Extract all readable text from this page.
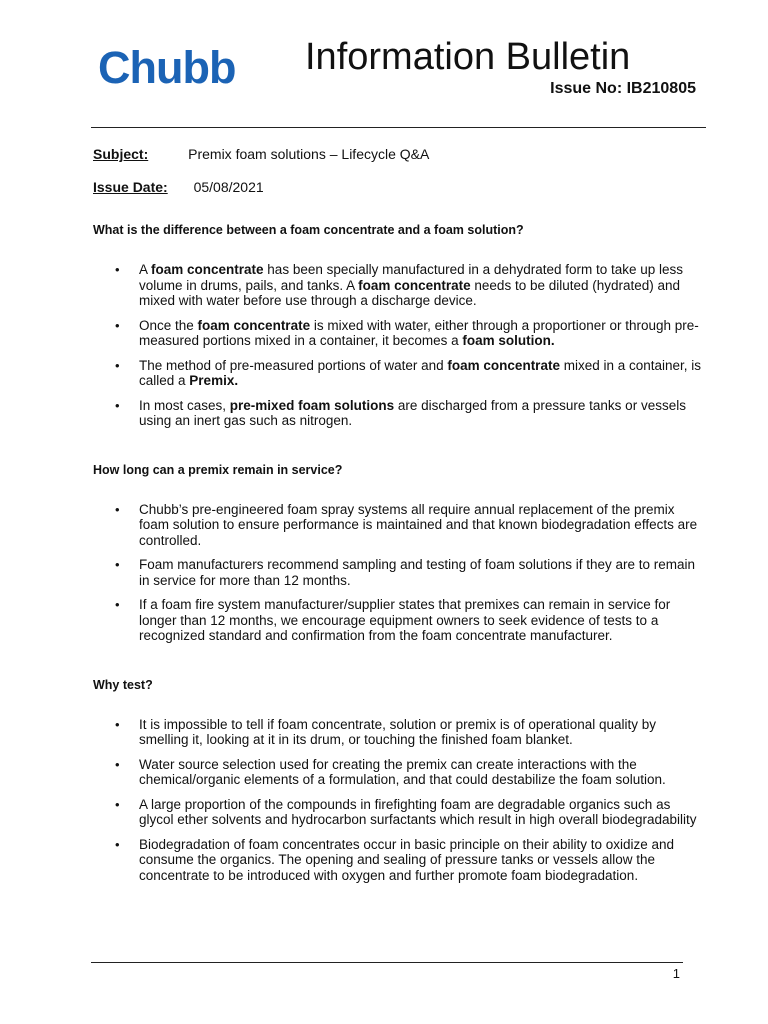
Chubb Information Bulletin
Issue No: IB210805
Subject:	Premix foam solutions – Lifecycle Q&A
Issue Date: 05/08/2021
What is the difference between a foam concentrate and a foam solution?
• A foam concentrate has been specially manufactured in a dehydrated form to take up less volume in drums, pails, and tanks. A foam concentrate needs to be diluted (hydrated) and mixed with water before use through a discharge device.
• Once the foam concentrate is mixed with water, either through a proportioner or through pre-measured portions mixed in a container, it becomes a foam solution.
• The method of pre-measured portions of water and foam concentrate mixed in a container, is called a Premix.
• In most cases, pre-mixed foam solutions are discharged from a pressure tanks or vessels using an inert gas such as nitrogen.
How long can a premix remain in service?
• Chubb’s pre-engineered foam spray systems all require annual replacement of the premix foam solution to ensure performance is maintained and that known biodegradation effects are controlled.
• Foam manufacturers recommend sampling and testing of foam solutions if they are to remain in service for more than 12 months.
• If a foam fire system manufacturer/supplier states that premixes can remain in service for longer than 12 months, we encourage equipment owners to seek evidence of tests to a recognized standard and confirmation from the foam concentrate manufacturer.
Why test?
• It is impossible to tell if foam concentrate, solution or premix is of operational quality by smelling it, looking at it in its drum, or touching the finished foam blanket.
• Water source selection used for creating the premix can create interactions with the chemical/organic elements of a formulation, and that could destabilize the foam solution.
• A large proportion of the compounds in firefighting foam are degradable organics such as glycol ether solvents and hydrocarbon surfactants which result in high overall biodegradability
• Biodegradation of foam concentrates occur in basic principle on their ability to oxidize and consume the organics. The opening and sealing of pressure tanks or vessels allow the concentrate to be introduced with oxygen and further promote foam biodegradation.
1
